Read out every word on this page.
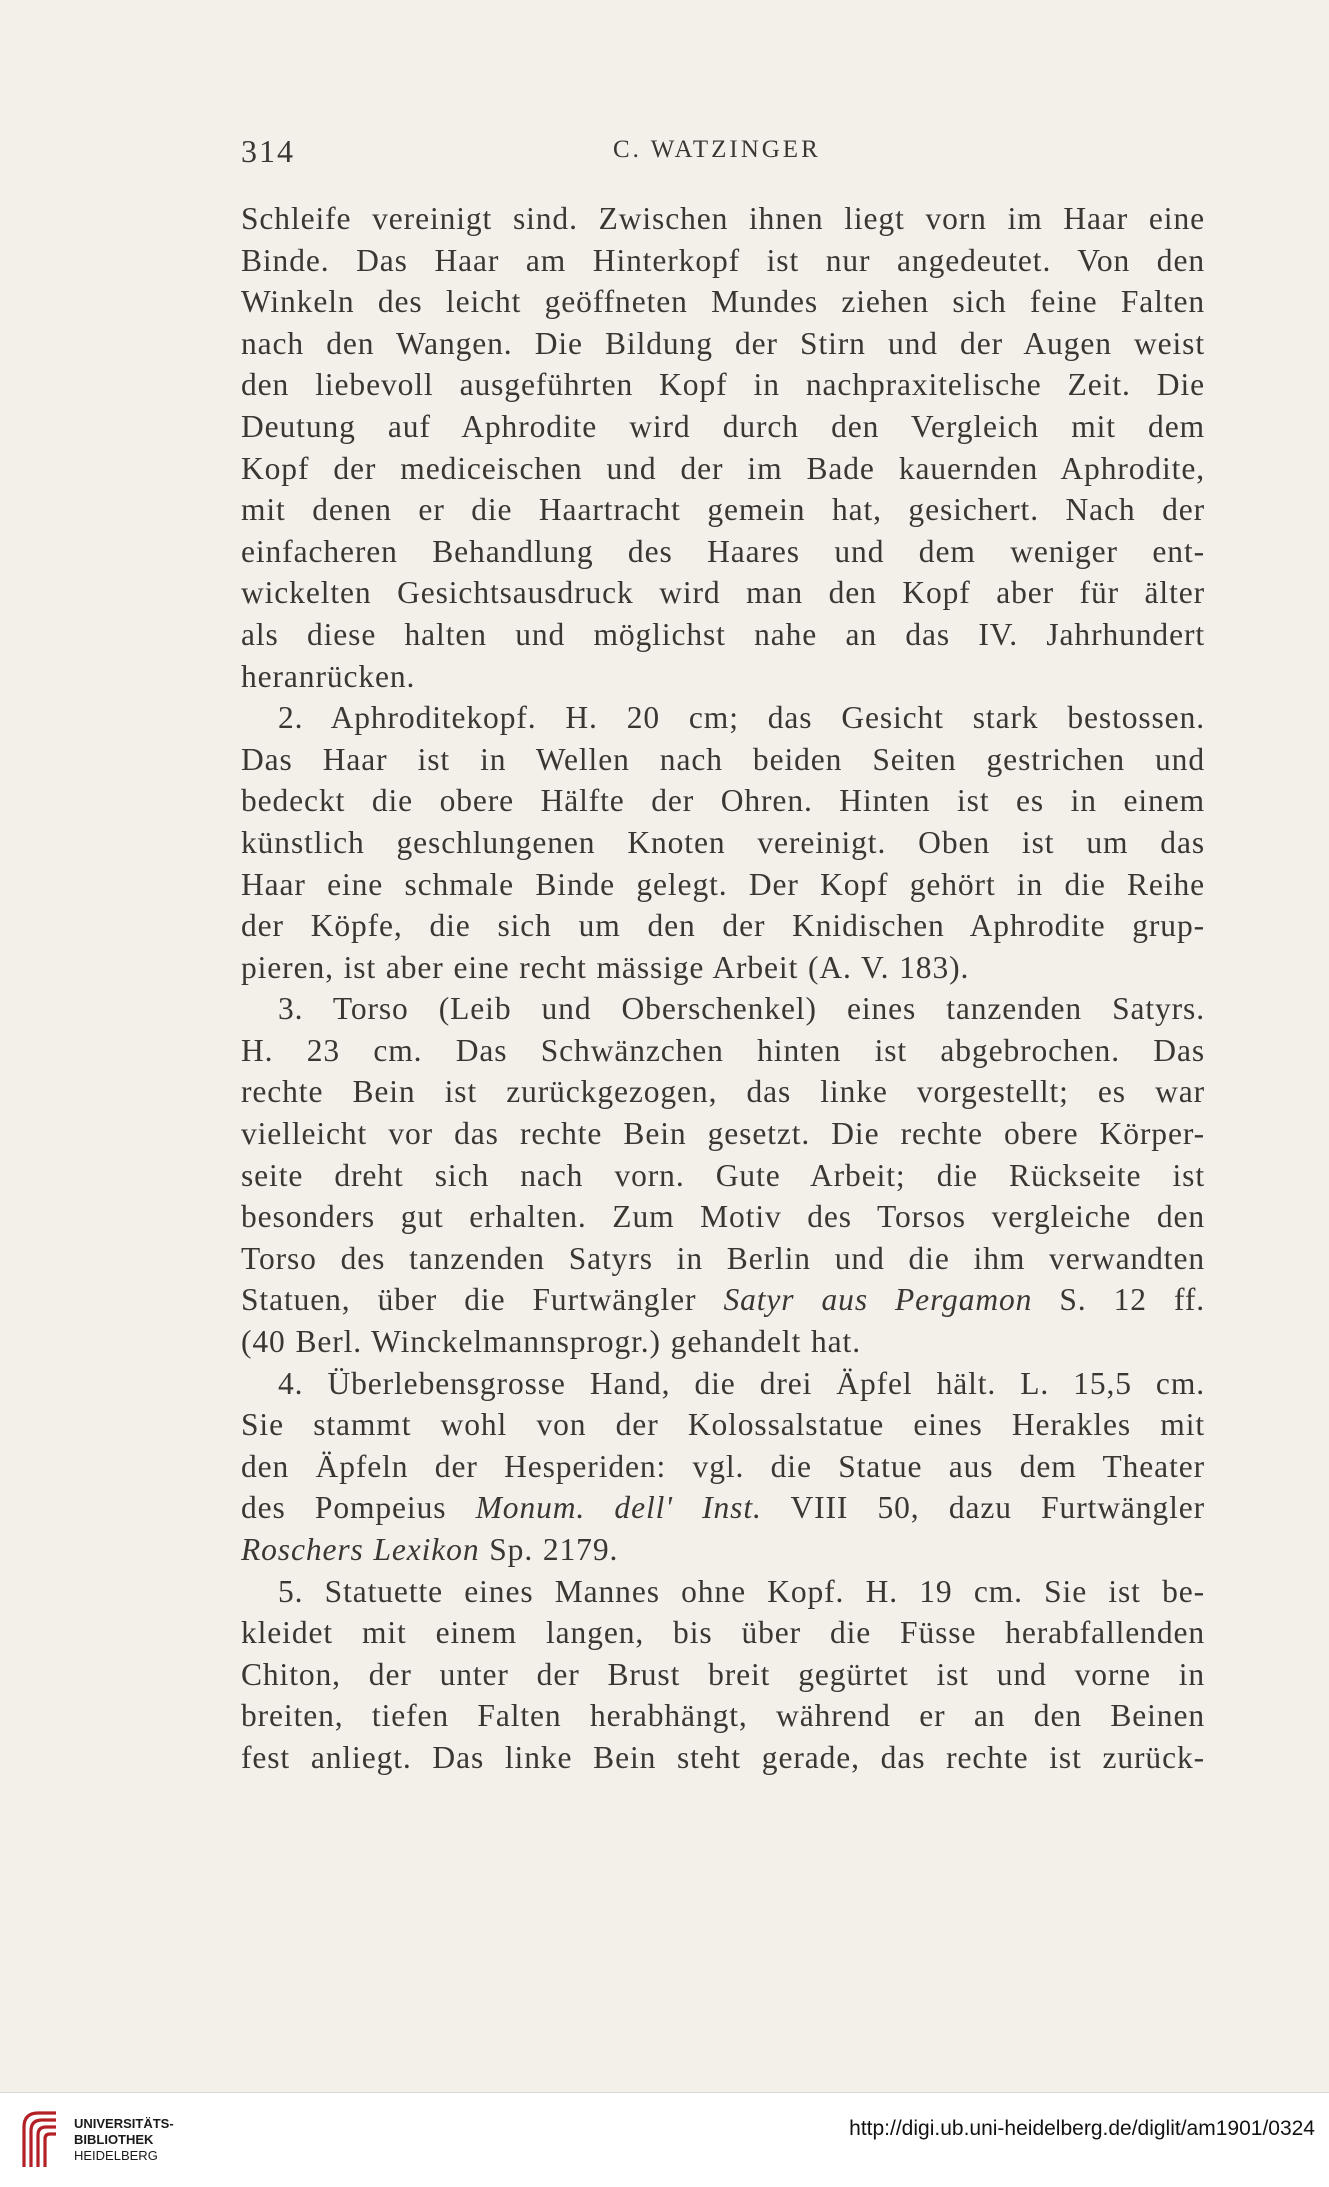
314	C. WATZINGER
Schleife vereinigt sind. Zwischen ihnen liegt vorn im Haar eine
Binde. Das Haar am Hinterkopf ist nur angedeutet. Von den
Winkeln des leicht geöffneten Mundes ziehen sich feine Falten
nach den Wangen. Die Bildung der Stirn und der Augen weist
den liebevoll ausgeführten Kopf in nachpraxitelische Zeit. Die
Deutung auf Aphrodite wird durch den Vergleich mit dem
Kopf der mediceischen und der im Bade kauernden Aphrodite,
mit denen er die Haartracht gemein hat, gesichert. Nach der
einfacheren Behandlung des Haares und dem weniger ent-
wickelten Gesichtsausdruck wird man den Kopf aber für älter
als diese halten und möglichst nahe an das IV. Jahrhundert
heranrücken.
2. Aphroditekopf. H. 20 cm; das Gesicht stark bestossen.
Das Haar ist in Wellen nach beiden Seiten gestrichen und
bedeckt die obere Hälfte der Ohren. Hinten ist es in einem
künstlich geschlungenen Knoten vereinigt. Oben ist um das
Haar eine schmale Binde gelegt. Der Kopf gehört in die Reihe
der Köpfe, die sich um den der Knidischen Aphrodite grup-
pieren, ist aber eine recht mässige Arbeit (A. V. 183).
3. Torso (Leib und Oberschenkel) eines tanzenden Satyrs.
H. 23 cm. Das Schwänzchen hinten ist abgebrochen. Das
rechte Bein ist zurückgezogen, das linke vorgestellt; es war
vielleicht vor das rechte Bein gesetzt. Die rechte obere Körper-
seite dreht sich nach vorn. Gute Arbeit; die Rückseite ist
besonders gut erhalten. Zum Motiv des Torsos vergleiche den
Torso des tanzenden Satyrs in Berlin und die ihm verwandten
Statuen, über die Furtwängler Satyr aus Pergamon S. 12 ff.
(40 Berl. Winckelmannsprogr.) gehandelt hat.
4. Überlebensgrosse Hand, die drei Äpfel hält. L. 15,5 cm.
Sie stammt wohl von der Kolossalstatue eines Herakles mit
den Äpfeln der Hesperiden: vgl. die Statue aus dem Theater
des Pompeius Monum. dell' Inst. VIII 50, dazu Furtwängler
Roschers Lexikon Sp. 2179.
5. Statuette eines Mannes ohne Kopf. H. 19 cm. Sie ist be-
kleidet mit einem langen, bis über die Füsse herabfallenden
Chiton, der unter der Brust breit gegürtet ist und vorne in
breiten, tiefen Falten herabhängt, während er an den Beinen
fest anliegt. Das linke Bein steht gerade, das rechte ist zurück-
UNIVERSITÄTS-
BIBLIOTHEK
HEIDELBERG
http://digi.ub.uni-heidelberg.de/diglit/am1901/0324
